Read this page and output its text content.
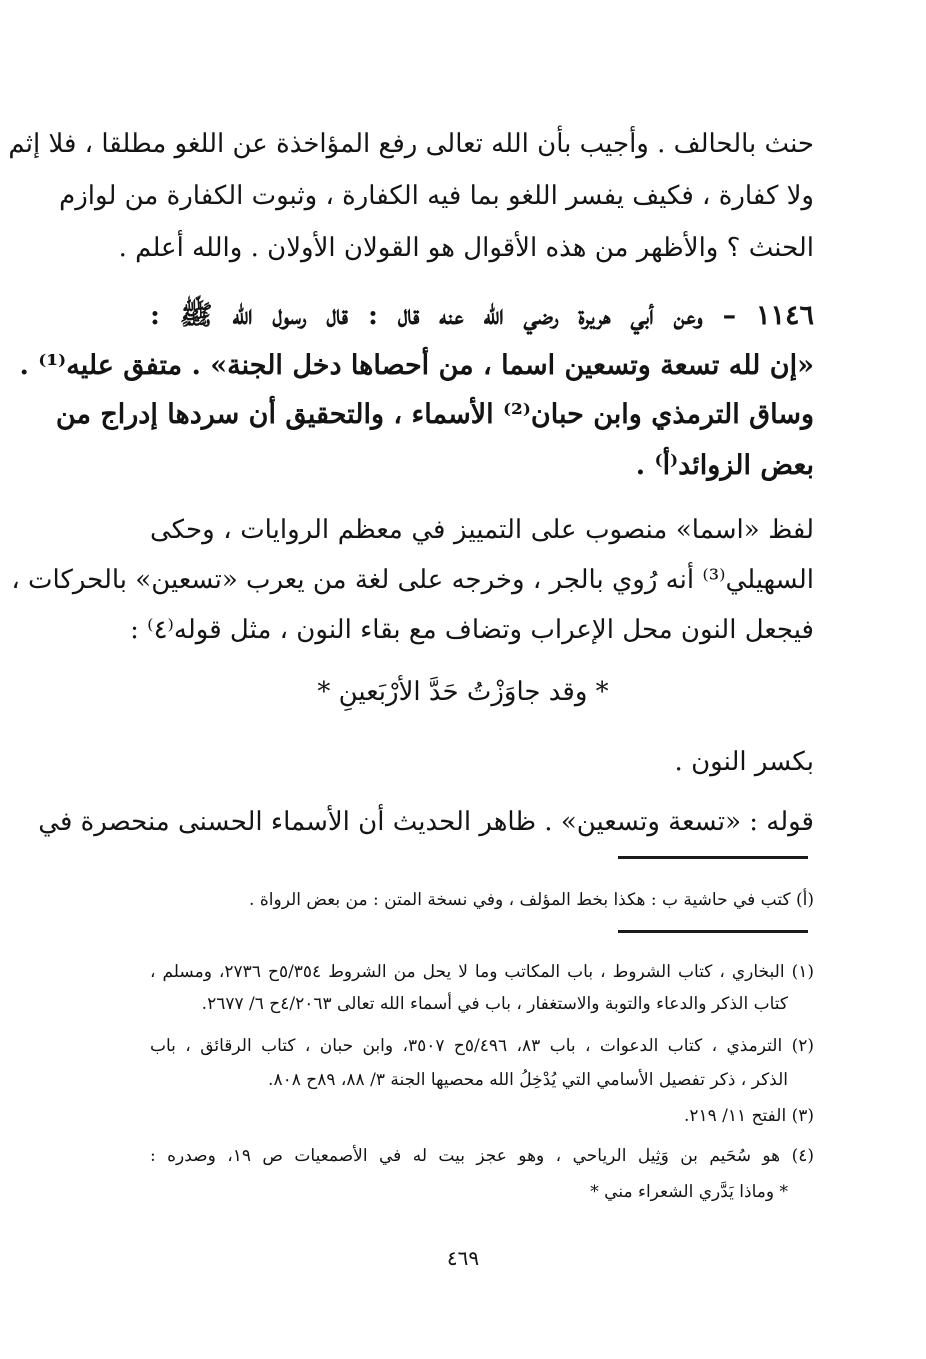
حنث بالحالف . وأجيب بأن الله تعالى رفع المؤاخذة عن اللغو مطلقا ، فلا إثم
ولا كفارة ، فكيف يفسر اللغو بما فيه الكفارة ، وثبوت الكفارة من لوازم
الحنث ؟ والأظهر من هذه الأقوال هو القولان الأولان . والله أعلم .
١١٤٦ – وعن أبي هريرة رضي الله عنه قال : قال رسول الله ﷺ :
«إن لله تسعة وتسعين اسما ، من أحصاها دخل الجنة» . متفق عليه⁽¹⁾ .
وساق الترمذي وابن حبان⁽²⁾ الأسماء ، والتحقيق أن سردها إدراج من
بعض الزوائد⁽أ⁾ .
لفظ «اسما» منصوب على التمييز في معظم الروايات ، وحكى
السهيلي⁽³⁾ أنه رُوي بالجر ، وخرجه على لغة من يعرب «تسعين» بالحركات ،
فيجعل النون محل الإعراب وتضاف مع بقاء النون ، مثل قوله⁽٤⁾ :
* وقد جاوَزْتُ حَدَّ الأرْبَعينِ *
بكسر النون .
قوله : «تسعة وتسعين» . ظاهر الحديث أن الأسماء الحسنى منحصرة في
(أ) كتب في حاشية ب : هكذا بخط المؤلف ، وفي نسخة المتن : من بعض الرواة .
(١) البخاري ، كتاب الشروط ، باب المكاتب وما لا يحل من الشروط ٥/٣٥٤ح ٢٧٣٦، ومسلم ،
كتاب الذكر والدعاء والتوبة والاستغفار ، باب في أسماء الله تعالى ٤/٢٠٦٣ح ٦/ ٢٦٧٧.
(٢) الترمذي ، كتاب الدعوات ، باب ٨٣، ٥/٤٩٦ح ٣٥٠٧، وابن حبان ، كتاب الرقائق ، باب
الذكر ، ذكر تفصيل الأسامي التي يُدْخِلُ الله محصيها الجنة ٣/ ٨٨، ٨٩ح ٨٠٨.
(٣) الفتح ١١/ ٢١٩.
(٤) هو سُحَيم بن وَثِيل الرياحي ، وهو عجز بيت له في الأصمعيات ص ١٩، وصدره :
* وماذا يَدَّري الشعراء مني *
٤٦٩
